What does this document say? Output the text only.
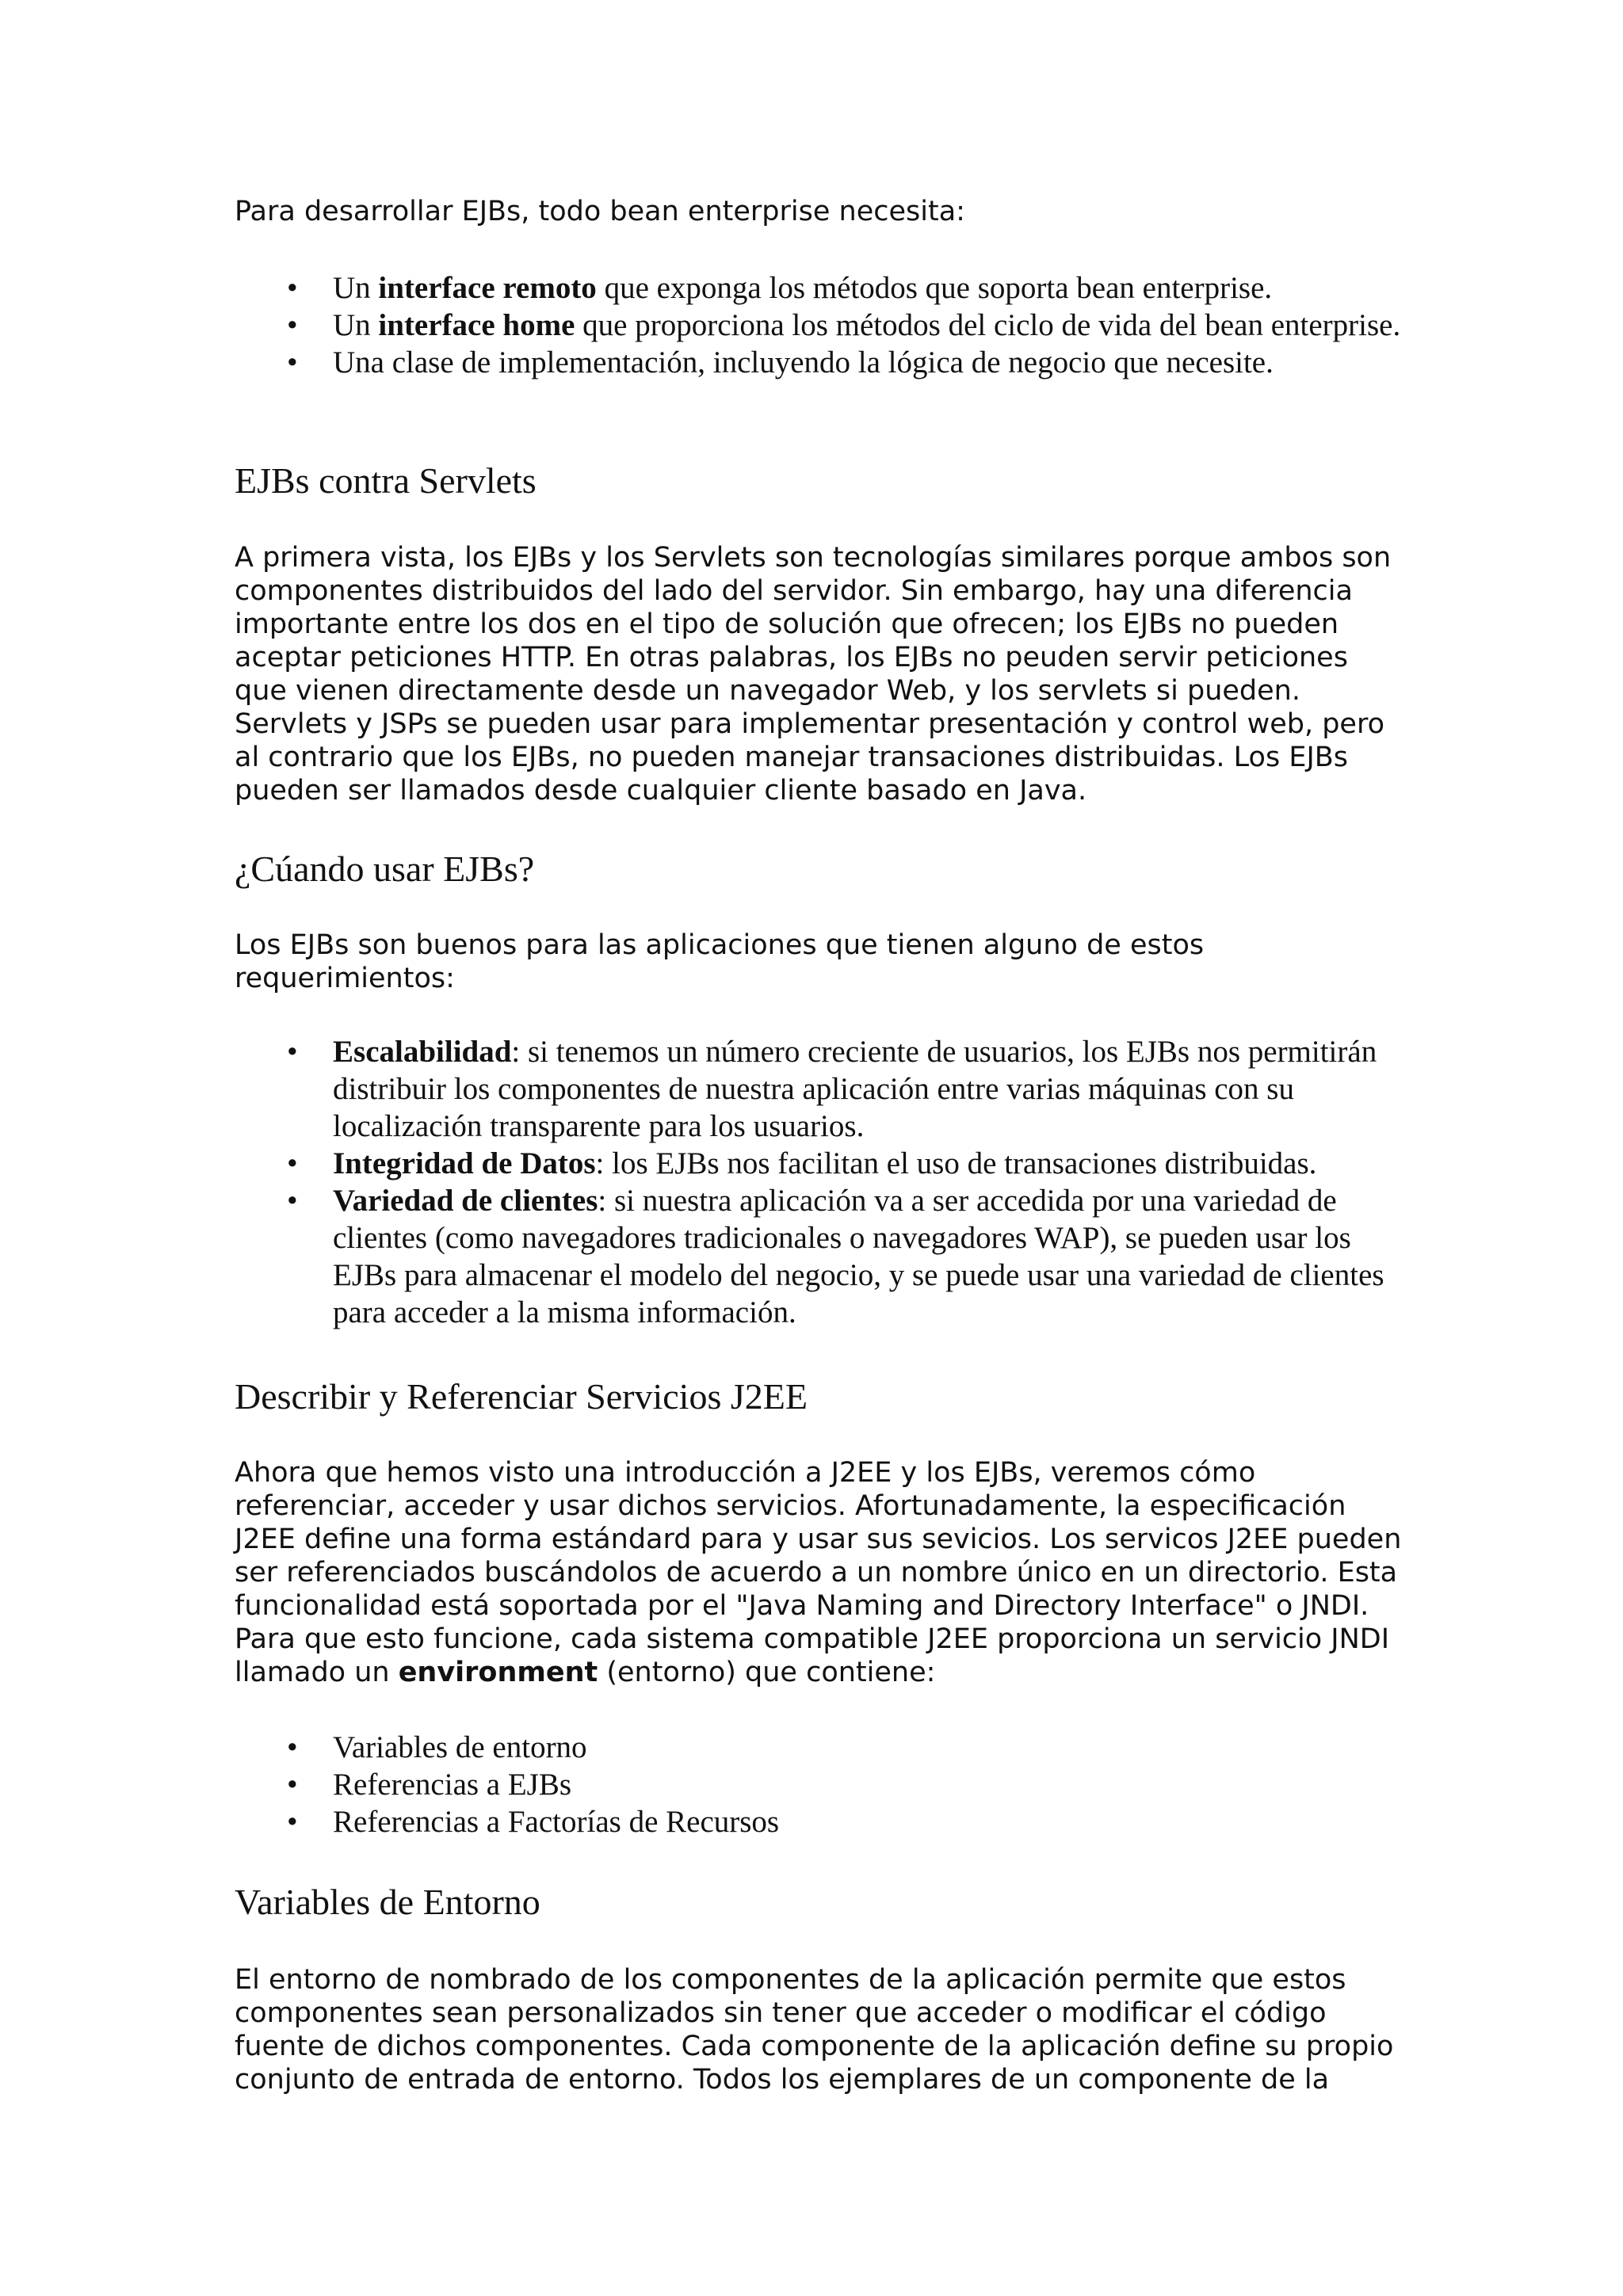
Para desarrollar EJBs, todo bean enterprise necesita:

• Un interface remoto que exponga los métodos que soporta bean enterprise.
• Un interface home que proporciona los métodos del ciclo de vida del bean enterprise.
• Una clase de implementación, incluyendo la lógica de negocio que necesite.
EJBs contra Servlets

A primera vista, los EJBs y los Servlets son tecnologías similares porque ambos son componentes distribuidos del lado del servidor. Sin embargo, hay una diferencia importante entre los dos en el tipo de solución que ofrecen; los EJBs no pueden aceptar peticiones HTTP. En otras palabras, los EJBs no peuden servir peticiones que vienen directamente desde un navegador Web, y los servlets si pueden. Servlets y JSPs se pueden usar para implementar presentación y control web, pero al contrario que los EJBs, no pueden manejar transaciones distribuidas. Los EJBs pueden ser llamados desde cualquier cliente basado en Java.

¿Cúando usar EJBs?

Los EJBs son buenos para las aplicaciones que tienen alguno de estos requerimientos:

• Escalabilidad: si tenemos un número creciente de usuarios, los EJBs nos permitirán distribuir los componentes de nuestra aplicación entre varias máquinas con su localización transparente para los usuarios.
• Integridad de Datos: los EJBs nos facilitan el uso de transaciones distribuidas.
• Variedad de clientes: si nuestra aplicación va a ser accedida por una variedad de clientes (como navegadores tradicionales o navegadores WAP), se pueden usar los EJBs para almacenar el modelo del negocio, y se puede usar una variedad de clientes para acceder a la misma información.
Describir y Referenciar Servicios J2EE

Ahora que hemos visto una introducción a J2EE y los EJBs, veremos cómo referenciar, acceder y usar dichos servicios. Afortunadamente, la especificación J2EE define una forma estándard para y usar sus sevicios. Los servicos J2EE pueden ser referenciados buscándolos de acuerdo a un nombre único en un directorio. Esta funcionalidad está soportada por el "Java Naming and Directory Interface" o JNDI. Para que esto funcione, cada sistema compatible J2EE proporciona un servicio JNDI llamado un environment (entorno) que contiene:

• Variables de entorno
• Referencias a EJBs
• Referencias a Factorías de Recursos
Variables de Entorno

El entorno de nombrado de los componentes de la aplicación permite que estos componentes sean personalizados sin tener que acceder o modificar el código fuente de dichos componentes. Cada componente de la aplicación define su propio conjunto de entrada de entorno. Todos los ejemplares de un componente de la
